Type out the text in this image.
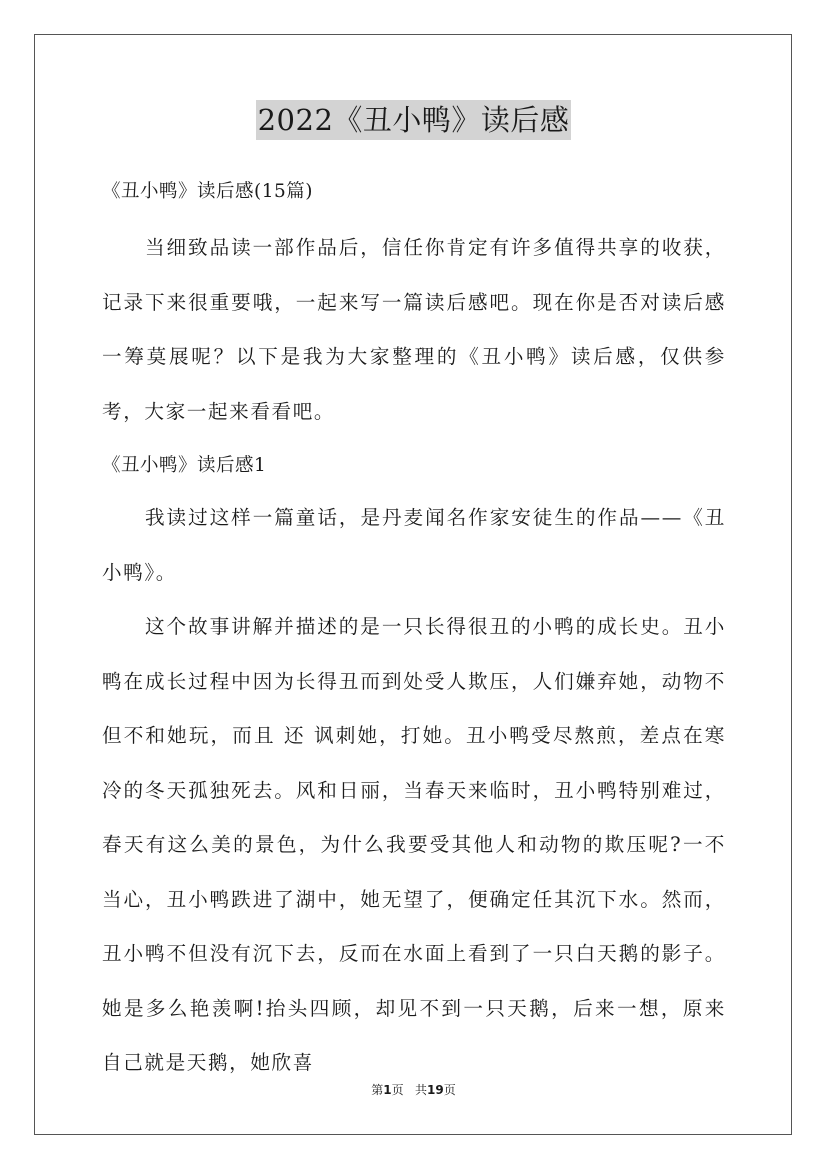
2022《丑小鸭》读后感

《丑小鸭》读后感(15篇)

当细致品读一部作品后，信任你肯定有许多值得共享的收获，记录下来很重要哦，一起来写一篇读后感吧。现在你是否对读后感一筹莫展呢？以下是我为大家整理的《丑小鸭》读后感，仅供参考，大家一起来看看吧。

《丑小鸭》读后感1

我读过这样一篇童话，是丹麦闻名作家安徒生的作品——《丑小鸭》。

这个故事讲解并描述的是一只长得很丑的小鸭的成长史。丑小鸭在成长过程中因为长得丑而到处受人欺压，人们嫌弃她，动物不但不和她玩，而且 还 讽刺她，打她。丑小鸭受尽熬煎，差点在寒冷的冬天孤独死去。风和日丽，当春天来临时，丑小鸭特别难过，春天有这么美的景色，为什么我要受其他人和动物的欺压呢?一不当心，丑小鸭跌进了湖中，她无望了，便确定任其沉下水。然而，丑小鸭不但没有沉下去，反而在水面上看到了一只白天鹅的影子。她是多么艳羡啊!抬头四顾，却见不到一只天鹅，后来一想，原来自己就是天鹅，她欣喜

第1页   共19页
